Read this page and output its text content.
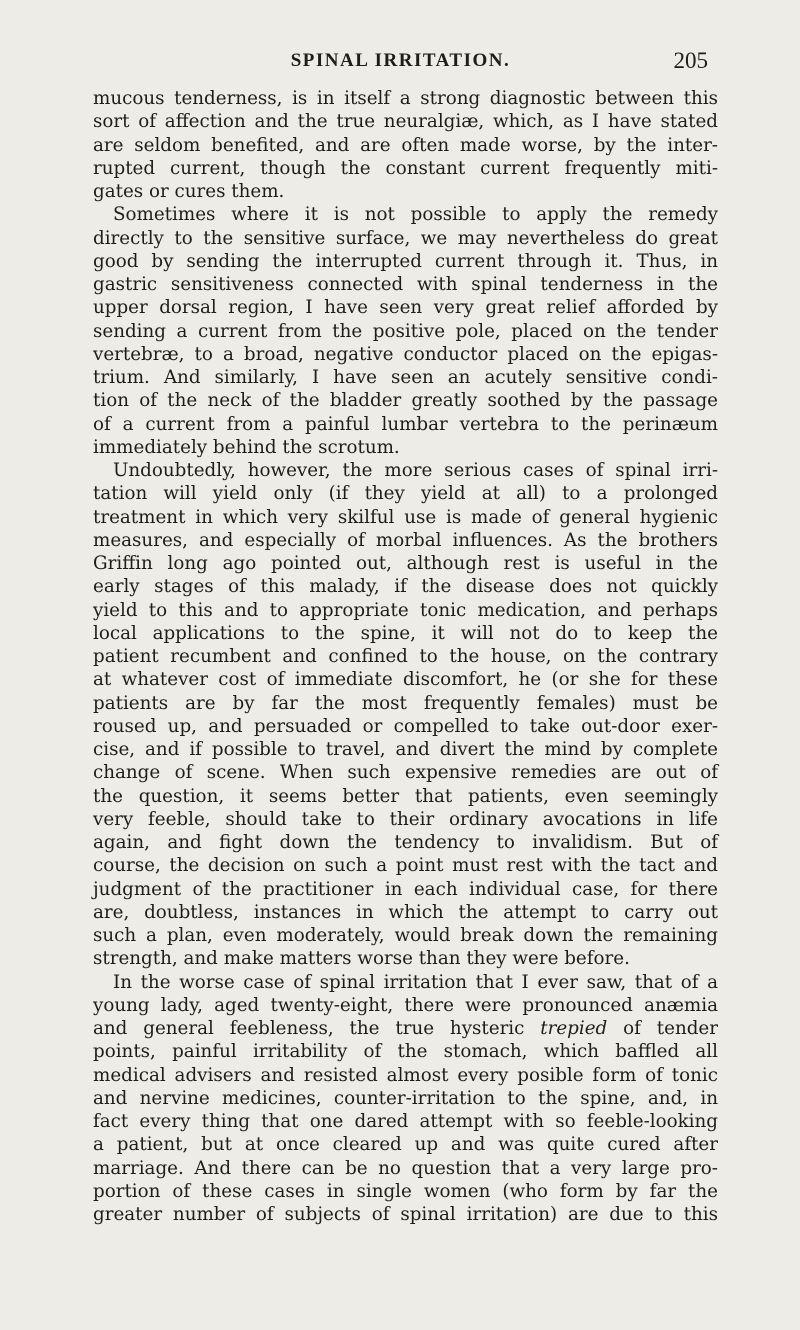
SPINAL IRRITATION.	205
mucous tenderness, is in itself a strong diagnostic between this
sort of affection and the true neuralgiæ, which, as I have stated
are seldom benefited, and are often made worse, by the inter-
rupted current, though the constant current frequently miti-
gates or cures them.
Sometimes where it is not possible to apply the remedy
directly to the sensitive surface, we may nevertheless do great
good by sending the interrupted current through it. Thus, in
gastric sensitiveness connected with spinal tenderness in the
upper dorsal region, I have seen very great relief afforded by
sending a current from the positive pole, placed on the tender
vertebræ, to a broad, negative conductor placed on the epigas-
trium. And similarly, I have seen an acutely sensitive condi-
tion of the neck of the bladder greatly soothed by the passage
of a current from a painful lumbar vertebra to the perinæum
immediately behind the scrotum.
Undoubtedly, however, the more serious cases of spinal irri-
tation will yield only (if they yield at all) to a prolonged
treatment in which very skilful use is made of general hygienic
measures, and especially of morbal influences. As the brothers
Griffin long ago pointed out, although rest is useful in the
early stages of this malady, if the disease does not quickly
yield to this and to appropriate tonic medication, and perhaps
local applications to the spine, it will not do to keep the
patient recumbent and confined to the house, on the contrary
at whatever cost of immediate discomfort, he (or she for these
patients are by far the most frequently females) must be
roused up, and persuaded or compelled to take out-door exer-
cise, and if possible to travel, and divert the mind by complete
change of scene. When such expensive remedies are out of
the question, it seems better that patients, even seemingly
very feeble, should take to their ordinary avocations in life
again, and fight down the tendency to invalidism. But of
course, the decision on such a point must rest with the tact and
judgment of the practitioner in each individual case, for there
are, doubtless, instances in which the attempt to carry out
such a plan, even moderately, would break down the remaining
strength, and make matters worse than they were before.
In the worse case of spinal irritation that I ever saw, that of a
young lady, aged twenty-eight, there were pronounced anæmia
and general feebleness, the true hysteric trepied of tender
points, painful irritability of the stomach, which baffled all
medical advisers and resisted almost every posible form of tonic
and nervine medicines, counter-irritation to the spine, and, in
fact every thing that one dared attempt with so feeble-looking
a patient, but at once cleared up and was quite cured after
marriage. And there can be no question that a very large pro-
portion of these cases in single women (who form by far the
greater number of subjects of spinal irritation) are due to this
